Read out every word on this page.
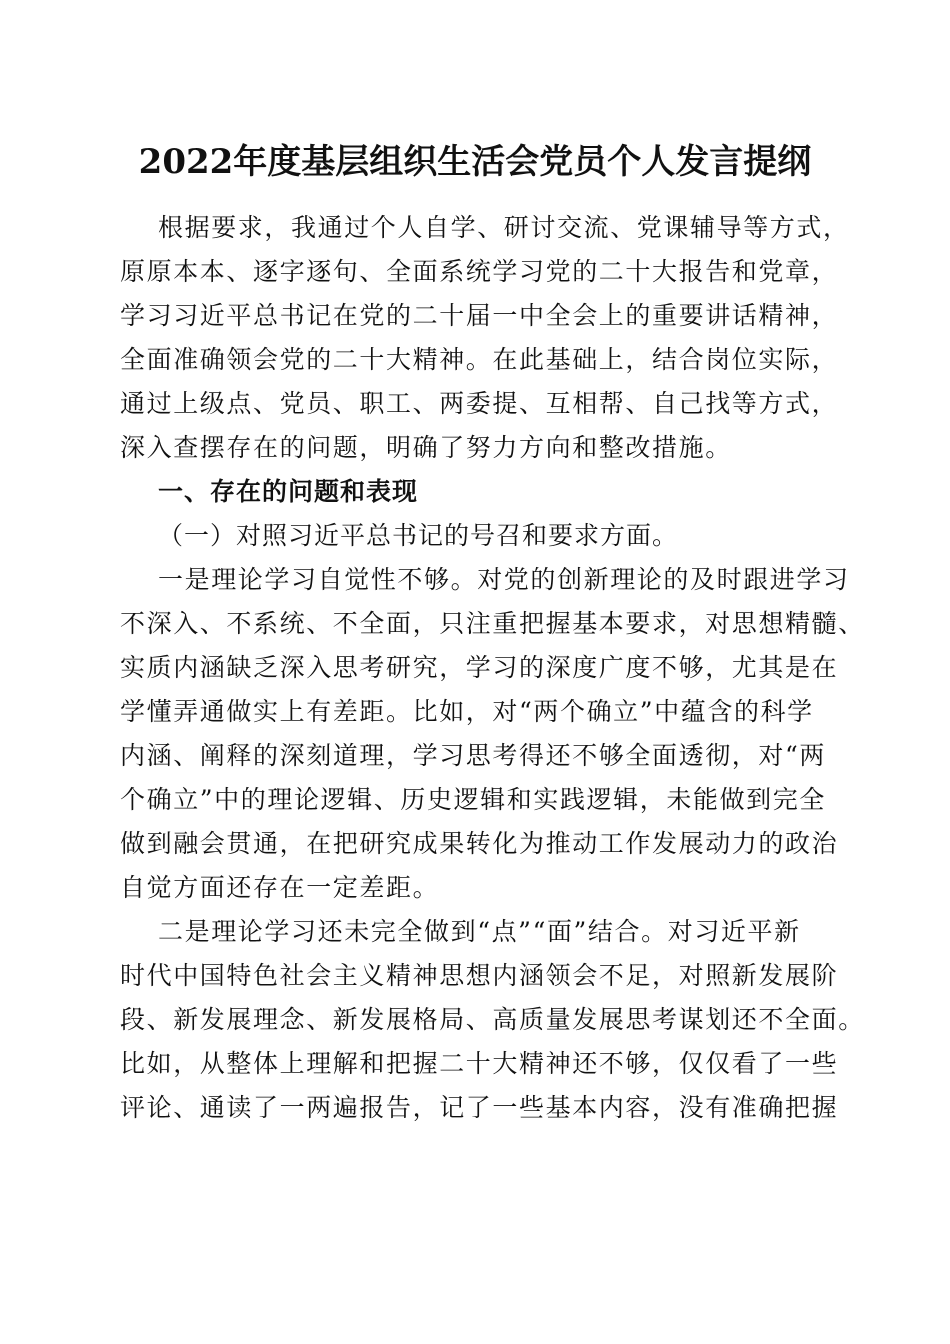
2022年度基层组织生活会党员个人发言提纲
根据要求，我通过个人自学、研讨交流、党课辅导等方式，
原原本本、逐字逐句、全面系统学习党的二十大报告和党章，
学习习近平总书记在党的二十届一中全会上的重要讲话精神，
全面准确领会党的二十大精神。在此基础上，结合岗位实际，
通过上级点、党员、职工、两委提、互相帮、自己找等方式，
深入查摆存在的问题，明确了努力方向和整改措施。
一、存在的问题和表现
（一）对照习近平总书记的号召和要求方面。
一是理论学习自觉性不够。对党的创新理论的及时跟进学习
不深入、不系统、不全面，只注重把握基本要求，对思想精髓、
实质内涵缺乏深入思考研究，学习的深度广度不够，尤其是在
学懂弄通做实上有差距。比如，对“两个确立”中蕴含的科学
内涵、阐释的深刻道理，学习思考得还不够全面透彻，对“两
个确立”中的理论逻辑、历史逻辑和实践逻辑，未能做到完全
做到融会贯通，在把研究成果转化为推动工作发展动力的政治
自觉方面还存在一定差距。
二是理论学习还未完全做到“点”“面”结合。对习近平新
时代中国特色社会主义精神思想内涵领会不足，对照新发展阶
段、新发展理念、新发展格局、高质量发展思考谋划还不全面。
比如，从整体上理解和把握二十大精神还不够，仅仅看了一些
评论、通读了一两遍报告，记了一些基本内容，没有准确把握
